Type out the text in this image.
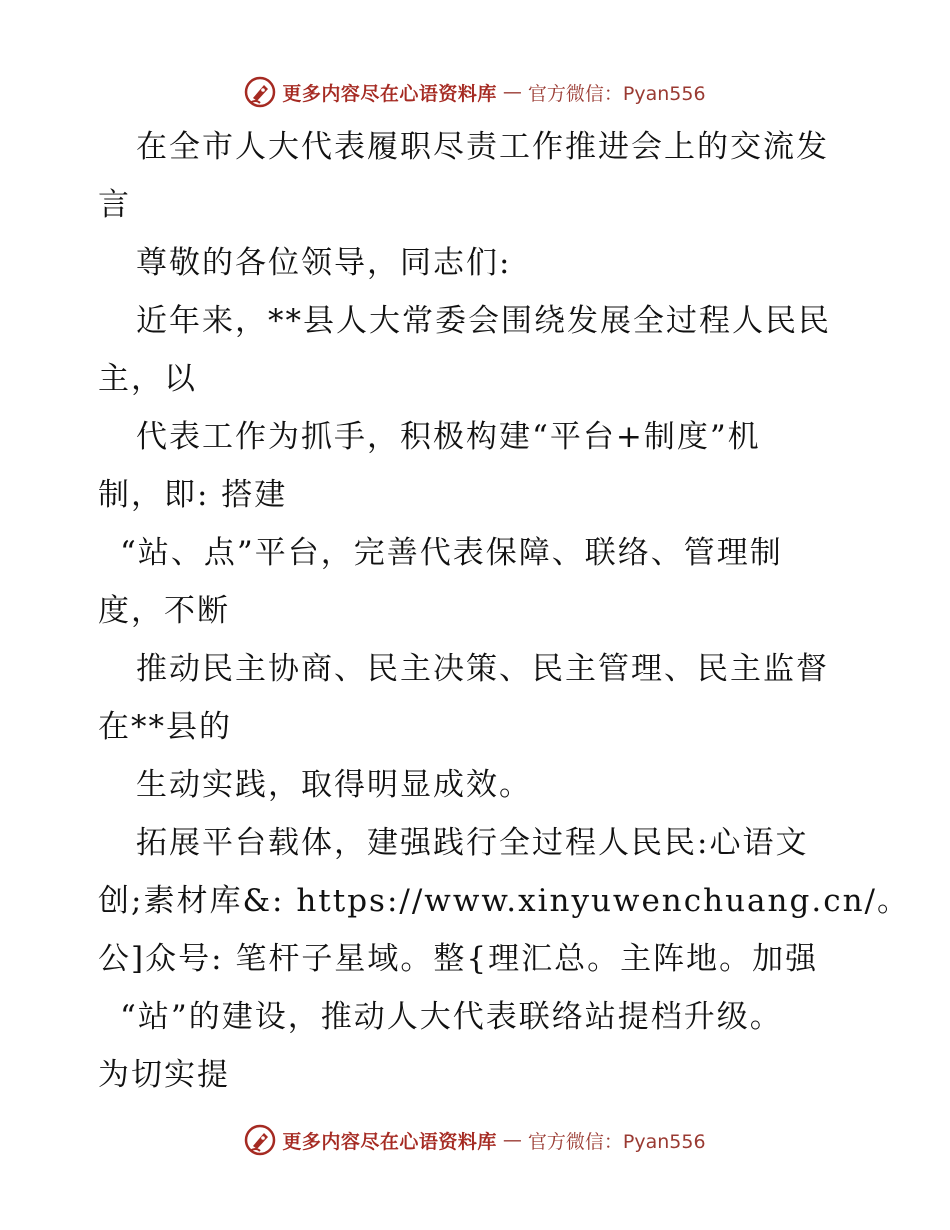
更多内容尽在心语资料库 — 官方微信：Pyan556
在全市人大代表履职尽责工作推进会上的交流发
言
尊敬的各位领导，同志们:
近年来，**县人大常委会围绕发展全过程人民民
主，以
代表工作为抓手，积极构建“平台+制度”机
制，即: 搭建
“站、点”平台，完善代表保障、联络、管理制
度，不断
推动民主协商、民主决策、民主管理、民主监督
在**县的
生动实践，取得明显成效。
拓展平台载体，建强践行全过程人民民:心语文
创;素材库&: https://www.xinyuwenchuang.cn/。
公]众号: 笔杆子星域。整{理汇总。主阵地。加强
“站”的建设，推动人大代表联络站提档升级。
为切实提
更多内容尽在心语资料库 — 官方微信：Pyan556
